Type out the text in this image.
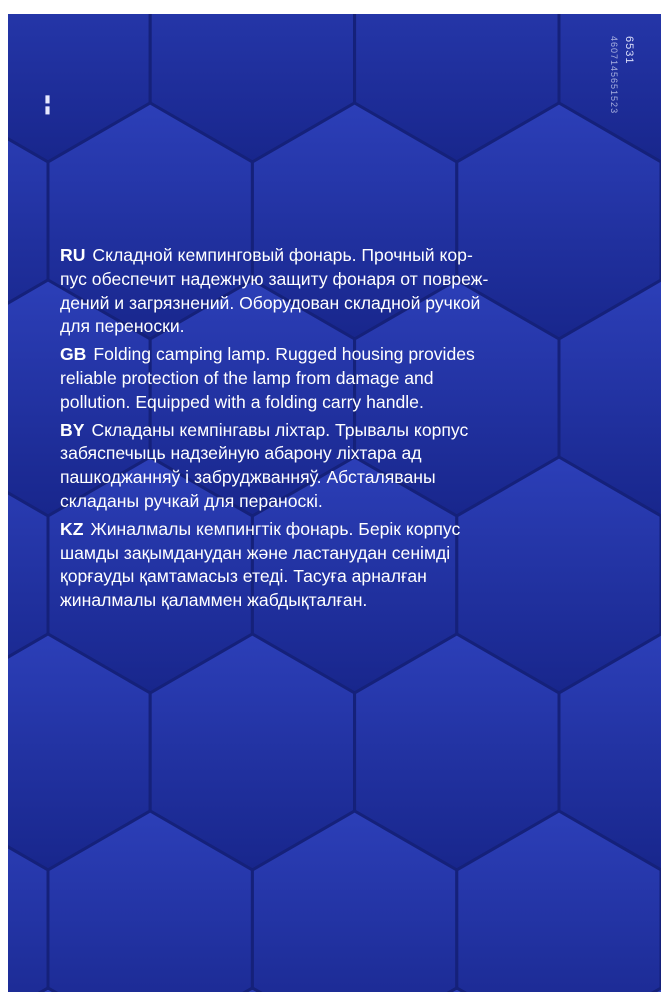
▮▮	4607145651523 6531

RU Складной кемпинговый фонарь. Прочный кор-
пус обеспечит надежную защиту фонаря от повреж-
дений и загрязнений. Оборудован складной ручкой
для переноски.

GB Folding camping lamp. Rugged housing provides
reliable protection of the lamp from damage and
pollution. Equipped with a folding carry handle.

BY Складаны кемпінгавы ліхтар. Трывалы корпус
забяспечыць надзейную абарону ліхтара ад
пашкоджанняў і забруджванняў. Абсталяваны
складаны ручкай для пераноскі.

KZ Жиналмалы кемпингтік фонарь. Берік корпус
шамды зақымданудан және ластанудан сенімді
қорғауды қамтамасыз етеді. Тасуға арналған
жиналмалы қаламмен жабдықталған.
